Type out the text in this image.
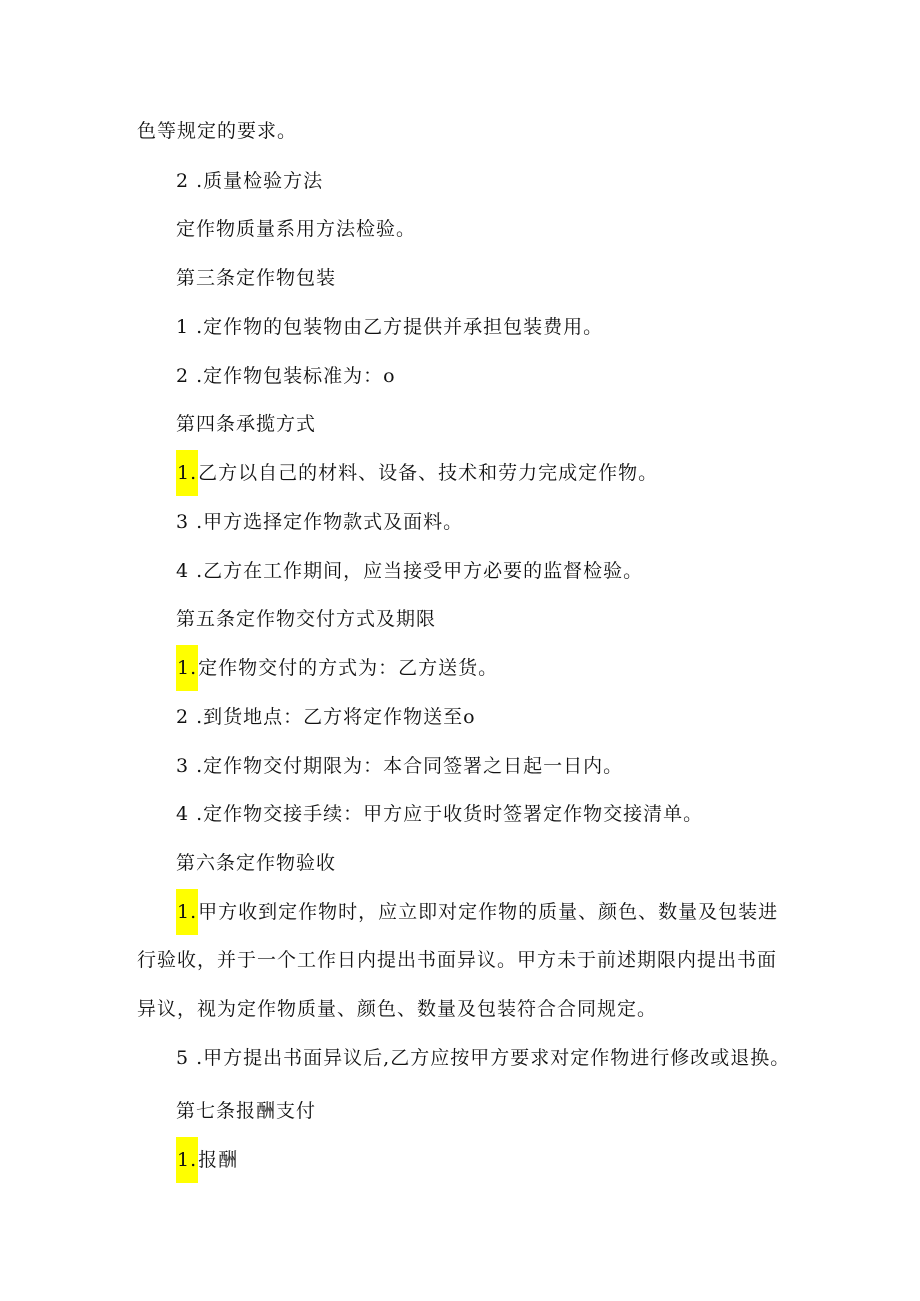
色等规定的要求。
2 .质量检验方法
定作物质量系用方法检验。
第三条定作物包装
1 .定作物的包装物由乙方提供并承担包装费用。
2 .定作物包装标准为：o
第四条承揽方式
1.乙方以自己的材料、设备、技术和劳力完成定作物。
3 .甲方选择定作物款式及面料。
4 .乙方在工作期间，应当接受甲方必要的监督检验。
第五条定作物交付方式及期限
1.定作物交付的方式为：乙方送货。
2 .到货地点：乙方将定作物送至o
3 .定作物交付期限为：本合同签署之日起一日内。
4 .定作物交接手续：甲方应于收货时签署定作物交接清单。
第六条定作物验收
1.甲方收到定作物时，应立即对定作物的质量、颜色、数量及包装进
行验收，并于一个工作日内提出书面异议。甲方未于前述期限内提出书面
异议，视为定作物质量、颜色、数量及包装符合合同规定。
5 .甲方提出书面异议后,乙方应按甲方要求对定作物进行修改或退换。
第七条报酬支付
1.报酬
